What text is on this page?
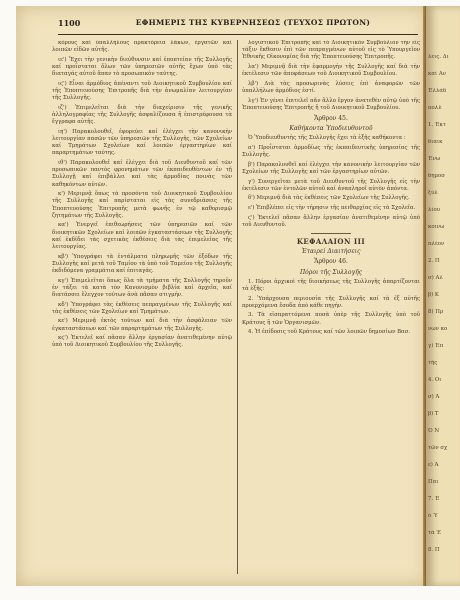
λεις. Δι
καί Αν
Ἑλλάδ
πολλ
1. Ἐκτ
διαικ
Ἐνω
δημοσ
ξύλ
λίου
κοινω
πλέον
2. Π
σ) Αλ
β) Κ
8) Πρ
νων κο
γ) Ἐπ
τῆς
4. Οι
σ) Ἀ
β) Τ
Ὁ Ν
τῶν σχ
ε) Ἀ
Παι
7. Ἐ
ὁ Ὑ
τὰ Ἐ
8. Π
1100	ΕΦΗΜΕΡΙΣ ΤΗΣ ΚΥΒΕΡΝΗΣΕΩΣ (ΤΕΥΧΟΣ ΠΡΩΤΟΝ)

κόρους καί ύπαλλήλους πρακτόρεια λάκων, έργατῶν καί λοιπῶν εἰδῶν αὐτῆς.

ιε') Ἔχει τὴν γενικὴν διεύθυνσιν καί ἐποπτείαν τῆς Συλλογῆς καί προΐσταται ὅλων τῶν ὑπηρεσιῶν αὐτῆς ἔχων ὑπὸ τὰς διαταγάς αὐτοῦ ἅπαν τὸ προσωπικὸν ταύτης.

ιϛ') Εἶναι ἁρμόδιος ἀπέναντι τοῦ Διοικητικοῦ Συμβουλίου καί τῆς Ἐποπτευούσης Ἐπιτροπῆς διὰ τὴν ἀνωμαλίαν λειτουργίαν τῆς Συλλογῆς.

ιζ') Ἐπιμελεῖται διὰ τὴν διαχείρισιν τῆς γενικῆς ἀλληλογραφίας τῆς Συλλογῆς ἀσφαλίζουσα ἢ ἐπιστρέφουσα τὰ ἔγγραφα αὐτῆς.

ιη') Παρακολουθεῖ, ἐφορεύει καί ἐλέγχει τὴν κανονικὴν λειτουργίαν πασῶν τῶν ὑπηρεσιῶν τῆς Συλλογῆς, τῶν Σχολείων καί Τμημάτων Σχολείων καί λοιπῶν ἐργαστηρίων καί παραρτημάτων ταύτης.

ιθ') Παρακολουθεῖ καί ἐλέγχει διὰ τοῦ Διευθυντοῦ καί τῶν προσωπικῶν παντὸς φρονημάτων τῶν ἐκπαιδευθέντων ἐν τῇ Συλλογῇ καί ἐπιβάλλει καί τὰς ἀρμοδίας ποινὰς τῶν καθηκόντων αὐτῶν.

κ') Μεριμνᾷ ὅπως τὰ προσόντα τοῦ Διοικητικοῦ Συμβουλίου τῆς Συλλογῆς καί παρίσταται εἰς τὰς συνεδριάσεις τῆς Ἐποπτευούσης Ἐπιτροπῆς μετὰ φωνῆς ἐν τῷ καθορισμῷ ζητημάτων τῆς Συλλογῆς.

κα') Ἐνεργεῖ ἐπιθεωρήσεις τῶν ὑπηρεσιῶν καί τῶν διοικητικῶν Σχολείων καί λοιπῶν ἐγκαταστάσεων τῆς Συλλογῆς καί ἐκδίδει τὰς σχετικὰς ἐκθέσεις διὰ τὰς ἐπιμελείας τῆς λειτουργίας.

κβ') Ὑπογράφει τὰ ἐντάλματα πληρωμῆς τῶν ἐξόδων τῆς Συλλογῆς καί μετὰ τοῦ Ταμίου τὰ ὑπὸ τοῦ Ταμείου τῆς Συλλογῆς ἐκδιδόμενα γραμμάτια καί ἐπιταγάς.

κγ') Ἐπιμελεῖται ὅπως ὅλα τὰ τμήματα τῆς Συλλογῆς τηροῦν ἐν τάξει τὰ κατὰ τὸν Κανονισμὸν βιβλία καί ἀρχεῖα, καί διατάσσει ἔλεγχον τούτων ἀνὰ πᾶσαν στιγμήν.

κδ') Ὑπογράφει τὰς ἐκθέσεις πεπραγμένων τῆς Συλλογῆς καί τὰς ἐκθέσεις τῶν Σχολείων καί Τμημάτων.

κε') Μεριμνᾷ ἐκτὸς τούτων καί διὰ τὴν ἀσφάλειαν τῶν ἐγκαταστάσεων καί τῶν παραρτημάτων τῆς Συλλογῆς.

κϛ') Ἐκτελεῖ καί πᾶσαν ἄλλην ἐργασίαν ἀνατιθεμένην αὐτῷ ὑπὸ τοῦ Διοικητικοῦ Συμβουλίου τῆς Συλλογῆς.

λογιστικοῦ Ἐπιτροπῆς καί τὸ Διοικητικὸν Συμβούλιον τὴν εἰς τάξιν ἔκθεσιν ἐπὶ τῶν πεπραγμένων αὐτοῦ εἰς τὸ Ὑπουργεῖον Ἐθνικῆς Οἰκονομίας διὰ τῆς Ἐποπτευούσης Ἐπιτροπῆς.

λα') Μεριμνᾷ διὰ τὴν ἐφαρμογὴν τῆς Συλλογῆς καί διὰ τὴν ἐκτέλεσιν τῶν ἀποφάσεων τοῦ Διοικητικοῦ Συμβουλίου.

λβ') Διὰ τὰς προσωρινὰς λύσεις ἐπὶ ἀναφορῶν τῶν ὑπαλλήλων ἀρμόδιος ἐστί.

λγ') Ἐν γένει ἐπιτελεῖ πᾶν ἄλλο ἔργον ἀνατεθὲν αὐτῷ ὑπὸ τῆς Ἐποπτευούσης Ἐπιτροπῆς ἢ τοῦ Διοικητικοῦ Συμβουλίου.

Ἄρθρον 45.

Καθήκοντα Ὑποδιευθυντοῦ

Ὁ Ὑποδιευθυντὴς τῆς Συλλογῆς ἔχει τὰ ἑξῆς καθήκοντα :

α') Προΐσταται ἁρμοδίως τῆς ἐκπαιδευτικῆς ὑπηρεσίας τῆς Συλλογῆς.

β') Παρακολουθεῖ καί ἐλέγχει τὴν κανονικὴν λειτουργίαν τῶν Σχολείων τῆς Συλλογῆς καί τῶν ἐργαστηρίων αὐτῶν.

γ') Συνεργεῖται μετὰ τοῦ Διευθυντοῦ τῆς Συλλογῆς εἰς τὴν ἐκτέλεσιν τῶν ἐντολῶν αὐτοῦ καί ἀναπληροῖ αὐτὸν ἀπόντα.

δ') Μεριμνᾷ διὰ τὰς ἐκθέσεις τῶν Σχολείων τῆς Συλλογῆς.

ε') Ἐπιβλέπει εἰς τὴν τήρησιν τῆς πειθαρχίας εἰς τὰ Σχολεῖα.

ϛ') Ἐκτελεῖ πᾶσαν ἄλλην ἐργασίαν ἀνατιθεμένην αὐτῷ ὑπὸ τοῦ Διευθυντοῦ.

ΚΕΦΑΛΑΙΟΝ III

Ἐταιρεί Διαιτήσεις

Ἄρθρον 46.

Πόροι τῆς Συλλογῆς

1. Πόροι ἀρχικοὶ τῆς διοικήσεως τῆς Συλλογῆς ἀπαρτίζονται τὰ ἑξῆς:

2. Ὑπάρχουσα περιουσία τῆς Συλλογῆς καί τὰ ἐξ αὐτῆς προερχόμενα ἔσοδα ἀπὸ κάθε πηγήν.

3. Τὰ εἰσπραττόμενα ποσὰ ὑπὲρ τῆς Συλλογῆς ὑπὸ τοῦ Κράτους ἢ τῶν Ὁργανισμῶν.

4. Ἡ ἐπίδοσις τοῦ Κράτους καί τῶν λοιπῶν δημοσίων Βασ.
